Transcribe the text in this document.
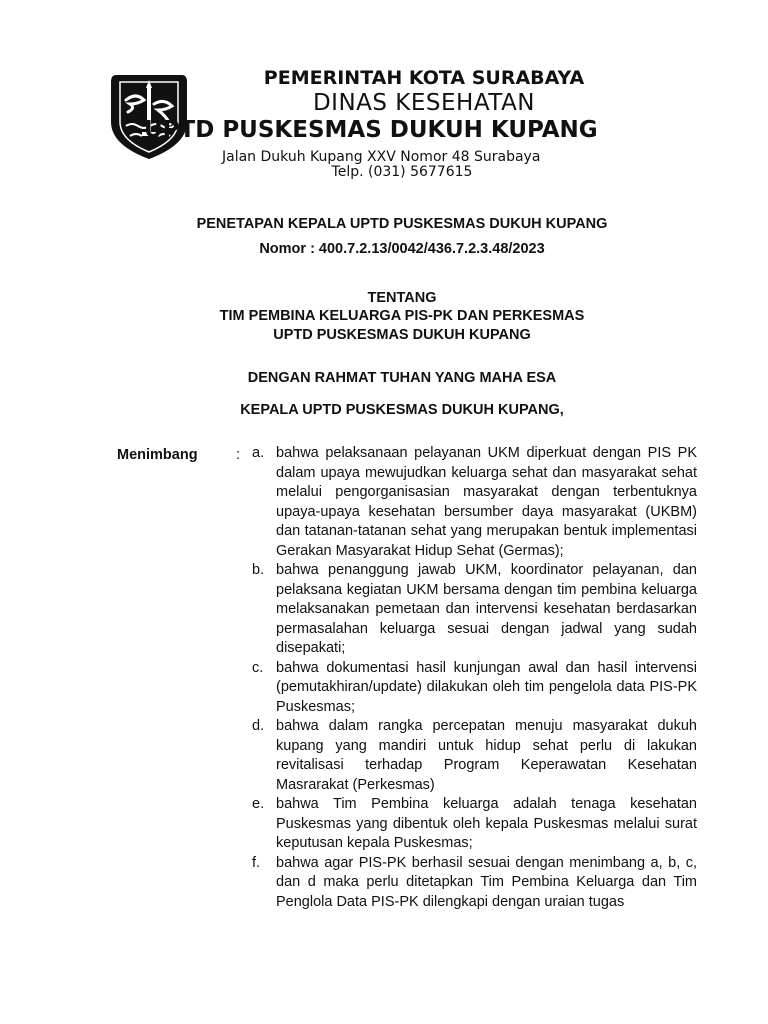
PEMERINTAH KOTA SURABAYA
DINAS KESEHATAN
UPTD PUSKESMAS DUKUH KUPANG
Jalan Dukuh Kupang XXV Nomor 48 Surabaya
Telp. (031) 5677615
PENETAPAN KEPALA UPTD PUSKESMAS DUKUH KUPANG
Nomor : 400.7.2.13/0042/436.7.2.3.48/2023
TENTANG
TIM PEMBINA KELUARGA PIS-PK DAN PERKESMAS
UPTD PUSKESMAS DUKUH KUPANG
DENGAN RAHMAT TUHAN YANG MAHA ESA
KEPALA UPTD PUSKESMAS DUKUH KUPANG,
Menimbang	: a. bahwa pelaksanaan pelayanan UKM diperkuat dengan PIS PK dalam upaya mewujudkan keluarga sehat dan masyarakat sehat melalui pengorganisasian masyarakat dengan terbentuknya upaya-upaya kesehatan bersumber daya masyarakat (UKBM) dan tatanan-tatanan sehat yang merupakan bentuk implementasi Gerakan Masyarakat Hidup Sehat (Germas);
b. bahwa penanggung jawab UKM, koordinator pelayanan, dan pelaksana kegiatan UKM bersama dengan tim pembina keluarga melaksanakan pemetaan dan intervensi kesehatan berdasarkan permasalahan keluarga sesuai dengan jadwal yang sudah disepakati;
c. bahwa dokumentasi hasil kunjungan awal dan hasil intervensi (pemutakhiran/update) dilakukan oleh tim pengelola data PIS-PK Puskesmas;
d. bahwa dalam rangka percepatan menuju masyarakat dukuh kupang yang mandiri untuk hidup sehat perlu di lakukan revitalisasi terhadap Program Keperawatan Kesehatan Masrarakat (Perkesmas)
e. bahwa Tim Pembina keluarga adalah tenaga kesehatan Puskesmas yang dibentuk oleh kepala Puskesmas melalui surat keputusan kepala Puskesmas;
f.	bahwa agar PIS-PK berhasil sesuai dengan menimbang a, b, c, dan d maka perlu ditetapkan Tim Pembina Keluarga dan Tim Penglola Data PIS-PK dilengkapi dengan uraian tugas
